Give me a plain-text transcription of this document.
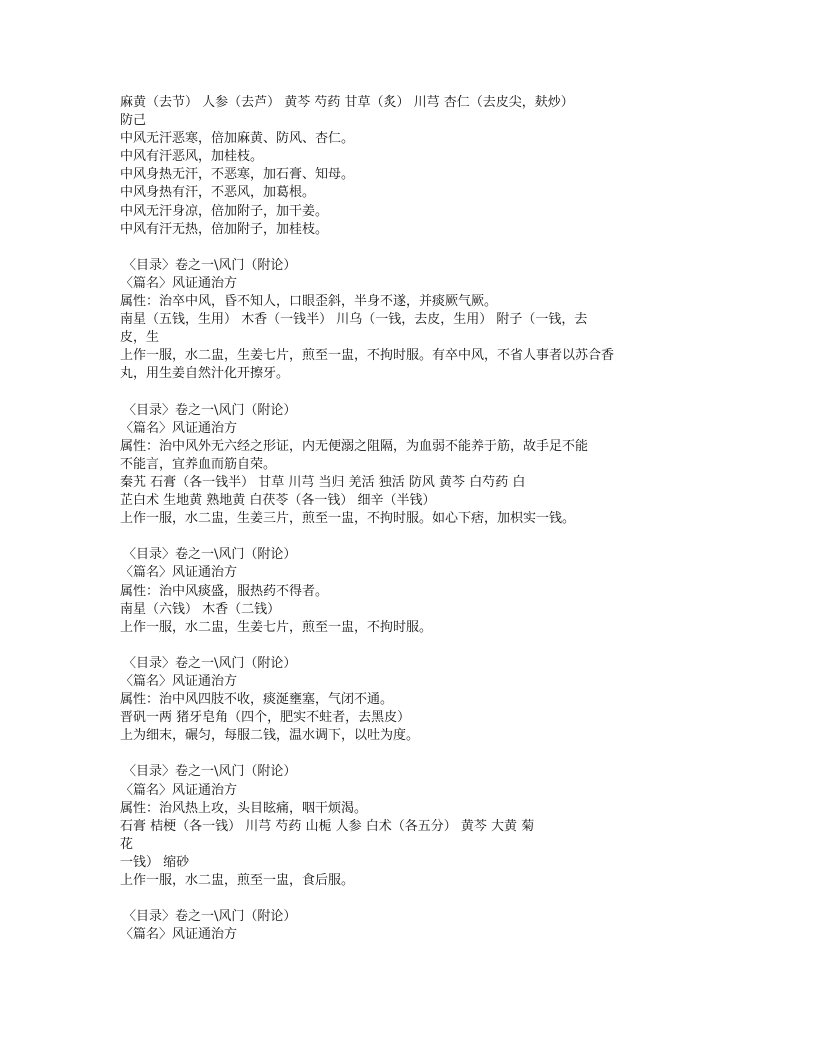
麻黄（去节） 人参（去芦） 黄芩 芍药 甘草（炙） 川芎 杏仁（去皮尖，麸炒）
防己
中风无汗恶寒，倍加麻黄、防风、杏仁。
中风有汗恶风，加桂枝。
中风身热无汗，不恶寒，加石膏、知母。
中风身热有汗，不恶风，加葛根。
中风无汗身凉，倍加附子，加干姜。
中风有汗无热，倍加附子，加桂枝。
〈目录〉卷之一\风门（附论）
〈篇名〉风证通治方
属性：治卒中风，昏不知人，口眼歪斜，半身不遂，并痰厥气厥。
南星（五钱，生用） 木香（一钱半） 川乌（一钱，去皮，生用） 附子（一钱，去
皮，生
上作一服，水二盅，生姜七片，煎至一盅，不拘时服。有卒中风，不省人事者以苏合香
丸，用生姜自然汁化开擦牙。
〈目录〉卷之一\风门（附论）
〈篇名〉风证通治方
属性：治中风外无六经之形证，内无便溺之阻隔，为血弱不能养于筋，故手足不能
不能言，宜养血而筋自荣。
秦艽 石膏（各一钱半） 甘草 川芎 当归 羌活 独活 防风 黄芩 白芍药 白
芷白术 生地黄 熟地黄 白茯苓（各一钱） 细辛（半钱）
上作一服，水二盅，生姜三片，煎至一盅，不拘时服。如心下痞，加枳实一钱。
〈目录〉卷之一\风门（附论）
〈篇名〉风证通治方
属性：治中风痰盛，服热药不得者。
南星（六钱） 木香（二钱）
上作一服，水二盅，生姜七片，煎至一盅，不拘时服。
〈目录〉卷之一\风门（附论）
〈篇名〉风证通治方
属性：治中风四肢不收，痰涎壅塞，气闭不通。
晋矾一两 猪牙皂角（四个，肥实不蛀者，去黑皮）
上为细末，碾匀，每服二钱，温水调下，以吐为度。
〈目录〉卷之一\风门（附论）
〈篇名〉风证通治方
属性：治风热上攻，头目眩痛，咽干烦渴。
石膏 桔梗（各一钱） 川芎 芍药 山栀 人参 白术（各五分） 黄芩 大黄 菊
花
一钱） 缩砂
上作一服，水二盅，煎至一盅，食后服。
〈目录〉卷之一\风门（附论）
〈篇名〉风证通治方
